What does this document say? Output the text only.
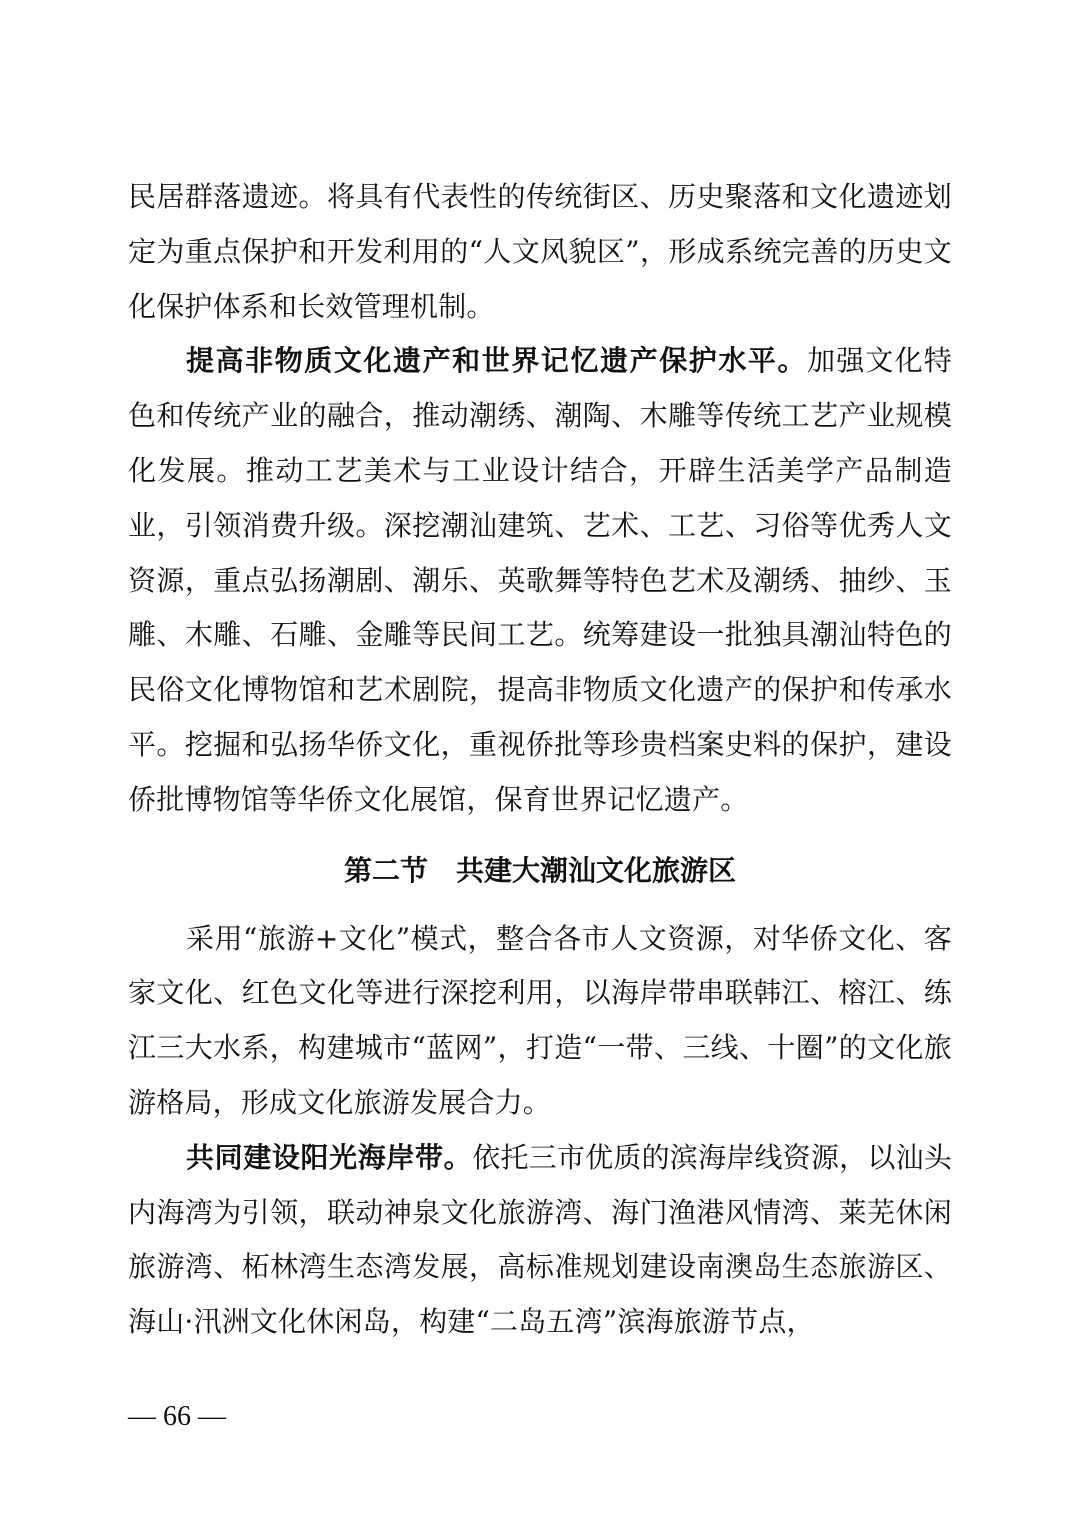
民居群落遗迹。将具有代表性的传统街区、历史聚落和文化遗迹划定为重点保护和开发利用的“人文风貌区”，形成系统完善的历史文化保护体系和长效管理机制。

提高非物质文化遗产和世界记忆遗产保护水平。加强文化特色和传统产业的融合，推动潮绣、潮陶、木雕等传统工艺产业规模化发展。推动工艺美术与工业设计结合，开辟生活美学产品制造业，引领消费升级。深挖潮汕建筑、艺术、工艺、习俗等优秀人文资源，重点弘扬潮剧、潮乐、英歌舞等特色艺术及潮绣、抽纱、玉雕、木雕、石雕、金雕等民间工艺。统筹建设一批独具潮汕特色的民俗文化博物馆和艺术剧院，提高非物质文化遗产的保护和传承水平。挖掘和弘扬华侨文化，重视侨批等珍贵档案史料的保护，建设侨批博物馆等华侨文化展馆，保育世界记忆遗产。

第二节　共建大潮汕文化旅游区

采用“旅游+文化”模式，整合各市人文资源，对华侨文化、客家文化、红色文化等进行深挖利用，以海岸带串联韩江、榕江、练江三大水系，构建城市“蓝网”，打造“一带、三线、十圈”的文化旅游格局，形成文化旅游发展合力。

共同建设阳光海岸带。依托三市优质的滨海岸线资源，以汕头内海湾为引领，联动神泉文化旅游湾、海门渔港风情湾、莱芜休闲旅游湾、柘林湾生态湾发展，高标准规划建设南澳岛生态旅游区、海山·汛洲文化休闲岛，构建“二岛五湾”滨海旅游节点，

— 66 —
